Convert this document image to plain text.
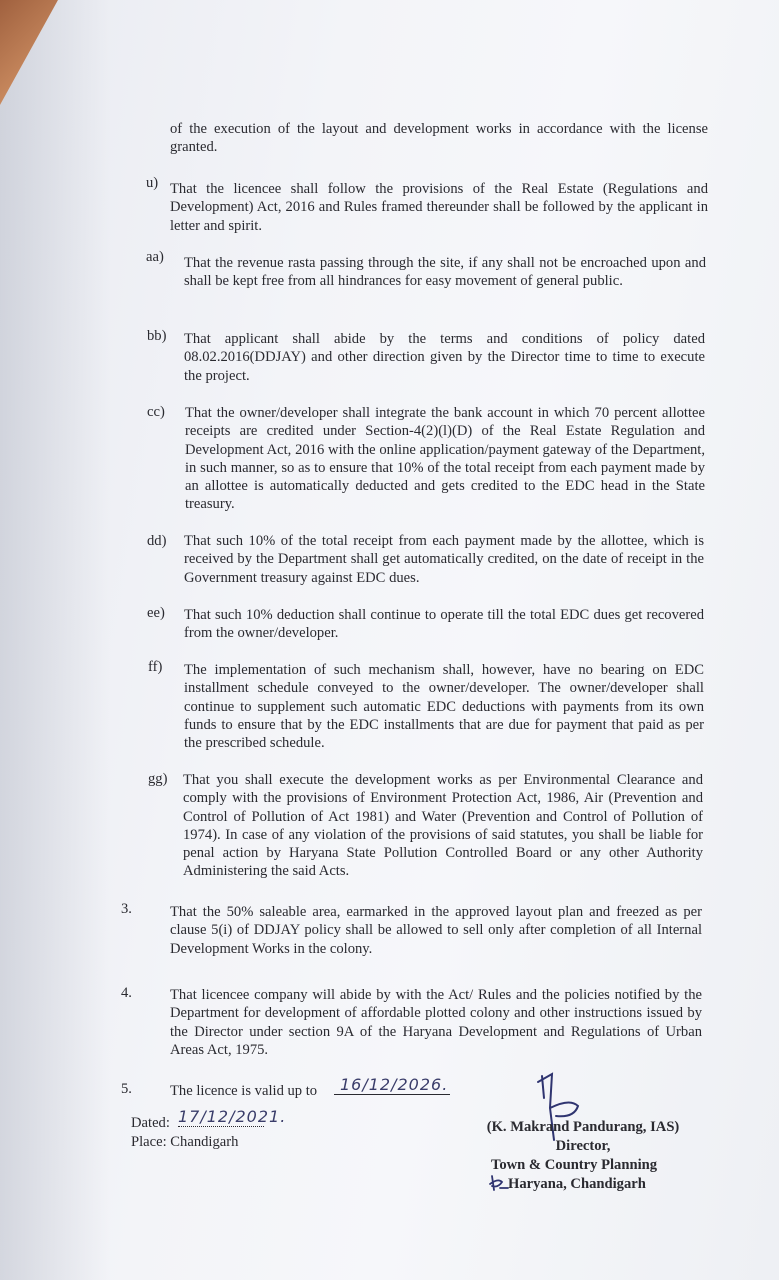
of the execution of the layout and development works in accordance with the license granted.
u) That the licencee shall follow the provisions of the Real Estate (Regulations and Development) Act, 2016 and Rules framed thereunder shall be followed by the applicant in letter and spirit.
aa) That the revenue rasta passing through the site, if any shall not be encroached upon and shall be kept free from all hindrances for easy movement of general public.
bb) That applicant shall abide by the terms and conditions of policy dated 08.02.2016(DDJAY) and other direction given by the Director time to time to execute the project.
cc) That the owner/developer shall integrate the bank account in which 70 percent allottee receipts are credited under Section-4(2)(l)(D) of the Real Estate Regulation and Development Act, 2016 with the online application/payment gateway of the Department, in such manner, so as to ensure that 10% of the total receipt from each payment made by an allottee is automatically deducted and gets credited to the EDC head in the State treasury.
dd) That such 10% of the total receipt from each payment made by the allottee, which is received by the Department shall get automatically credited, on the date of receipt in the Government treasury against EDC dues.
ee) That such 10% deduction shall continue to operate till the total EDC dues get recovered from the owner/developer.
ff) The implementation of such mechanism shall, however, have no bearing on EDC installment schedule conveyed to the owner/developer. The owner/developer shall continue to supplement such automatic EDC deductions with payments from its own funds to ensure that by the EDC installments that are due for payment that paid as per the prescribed schedule.
gg) That you shall execute the development works as per Environmental Clearance and comply with the provisions of Environment Protection Act, 1986, Air (Prevention and Control of Pollution of Act 1981) and Water (Prevention and Control of Pollution of 1974). In case of any violation of the provisions of said statutes, you shall be liable for penal action by Haryana State Pollution Controlled Board or any other Authority Administering the said Acts.
3.	That the 50% saleable area, earmarked in the approved layout plan and freezed as per clause 5(i) of DDJAY policy shall be allowed to sell only after completion of all Internal Development Works in the colony.
4.	That licencee company will abide by with the Act/ Rules and the policies notified by the Department for development of affordable plotted colony and other instructions issued by the Director under section 9A of the Haryana Development and Regulations of Urban Areas Act, 1975.
5.	The licence is valid up to	16/12/2026.
Dated: 17/12/2021.
Place: Chandigarh
(K. Makrand Pandurang, IAS)
Director,
Town & Country Planning
Haryana, Chandigarh
